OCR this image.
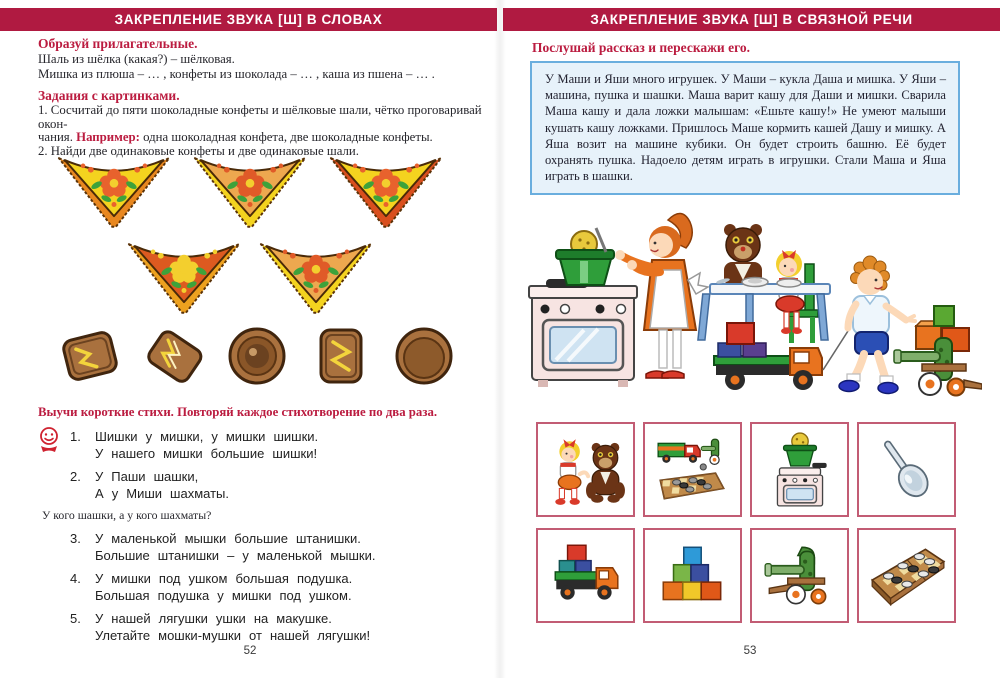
ЗАКРЕПЛЕНИЕ ЗВУКА [Ш] В СЛОВАХ
Образуй прилагательные.
Шаль из шёлка (какая?) – шёлковая.
Мишка из плюша – … , конфеты из шоколада – … , каша из пшена – … .
Задания с картинками.

1. Сосчитай до пяти шоколадные конфеты и шёлковые шали, чётко проговаривай окон-

чания. Например: одна шоколадная конфета, две шоколадные конфеты.

2. Найди две одинаковые конфеты и две одинаковые шали.

Выучи короткие стихи. Повторяй каждое стихотворение по два раза.
1.	Шишки у мишки, у мишки шишки.
У нашего мишки большие шишки!
2.	У Паши шашки,
А у Миши шахматы.
У кого шашки, а у кого шахматы?
3.	У маленькой мышки большие штанишки.
Большие штанишки – у маленькой мышки.
4.	У мишки под ушком большая подушка.
Большая подушка у мишки под ушком.
5.	У нашей лягушки ушки на макушке.
Улетайте мошки-мушки от нашей лягушки!
52
ЗАКРЕПЛЕНИЕ ЗВУКА [Ш] В СВЯЗНОЙ РЕЧИ
Послушай рассказ и перескажи его.

У Маши и Яши много игрушек. У Маши – кукла Даша и мишка. У Яши – машина, пушка и шашки. Маша варит кашу для Даши и мишки. Сварила Маша кашу и дала ложки малышам: «Ешьте кашу!» Не умеют малыши кушать кашу ложками. Пришлось Маше кормить кашей Дашу и мишку. А Яша возит на машине кубики. Он будет строить башню. Её будет охранять пушка. Надоело детям играть в игрушки. Стали Маша и Яша играть в шашки.

53
